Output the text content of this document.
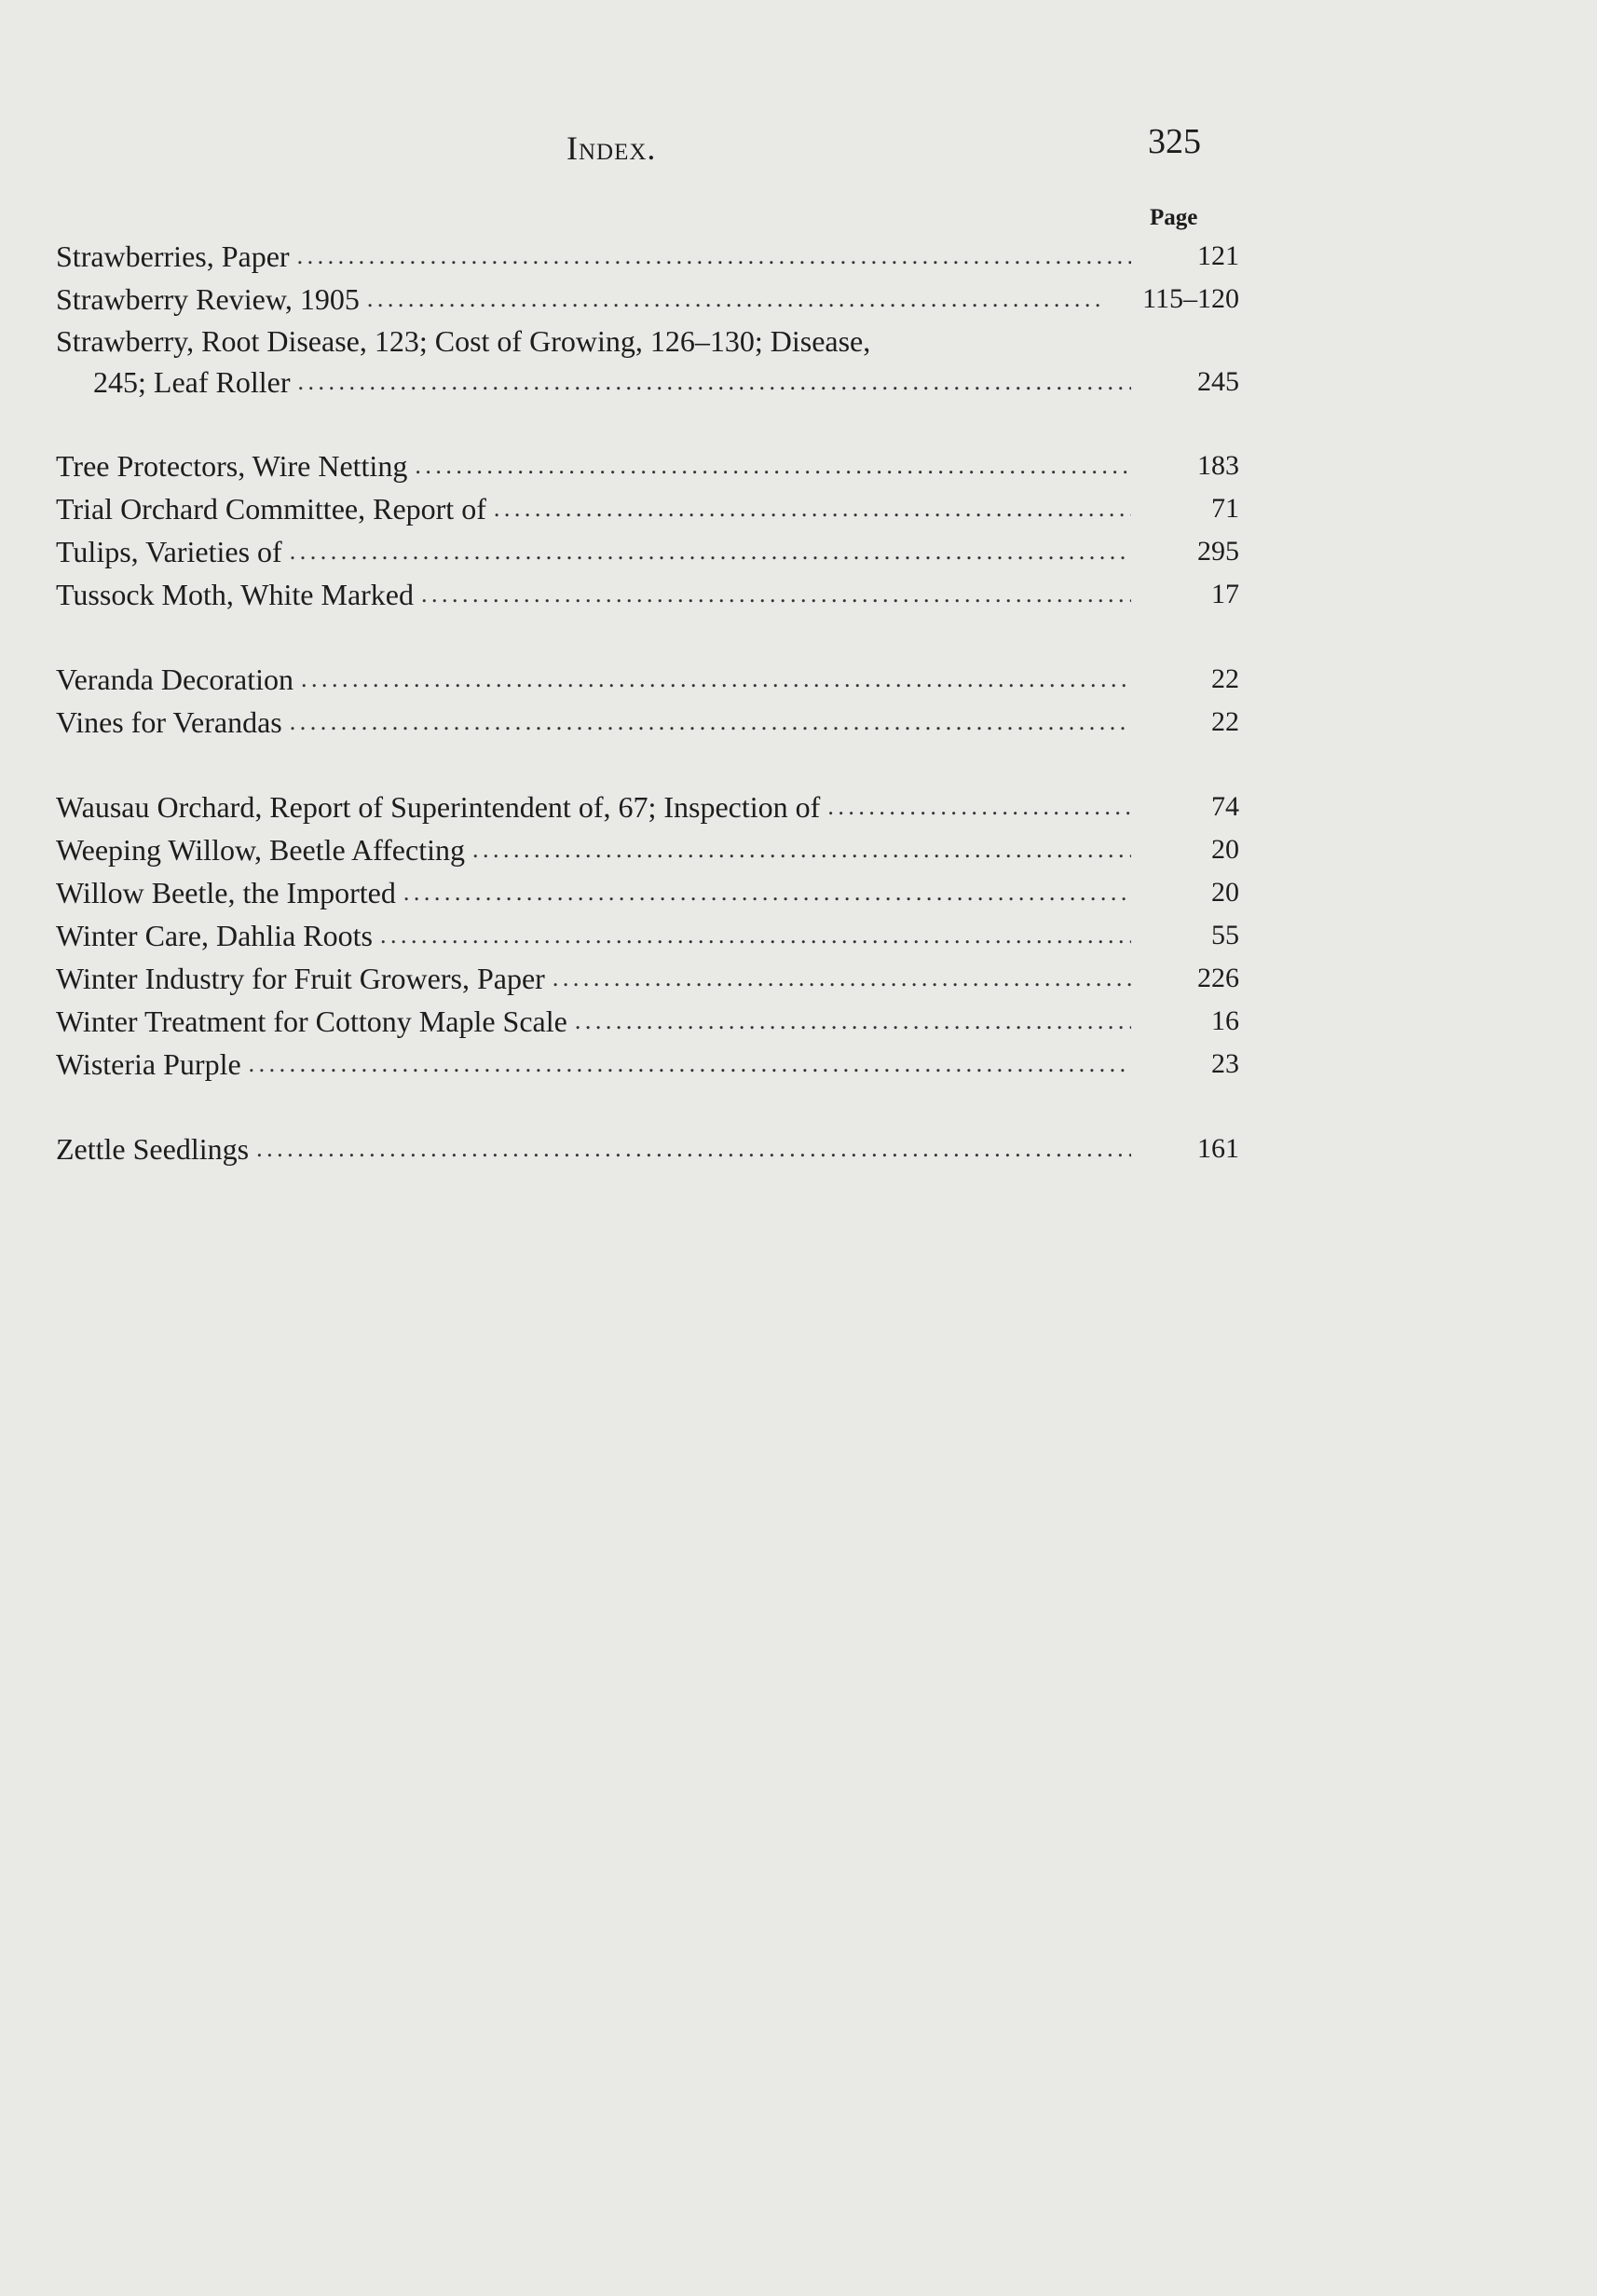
Index.	325
Page
Strawberries, Paper . . .	121
Strawberry Review, 1905 . . .	115–120
Strawberry, Root Disease, 123; Cost of Growing, 126–130; Disease,
245; Leaf Roller . . .	245
Tree Protectors, Wire Netting . . .	183
Trial Orchard Committee, Report of . . .	71
Tulips, Varieties of . . .	295
Tussock Moth, White Marked . . .	17
Veranda Decoration . . .	22
Vines for Verandas . . .	22
Wausau Orchard, Report of Superintendent of, 67; Inspection of . . .	74
Weeping Willow, Beetle Affecting . . .	20
Willow Beetle, the Imported . . .	20
Winter Care, Dahlia Roots . . .	55
Winter Industry for Fruit Growers, Paper . . .	226
Winter Treatment for Cottony Maple Scale . . .	16
Wisteria Purple . . .	23
Zettle Seedlings . . .	161
